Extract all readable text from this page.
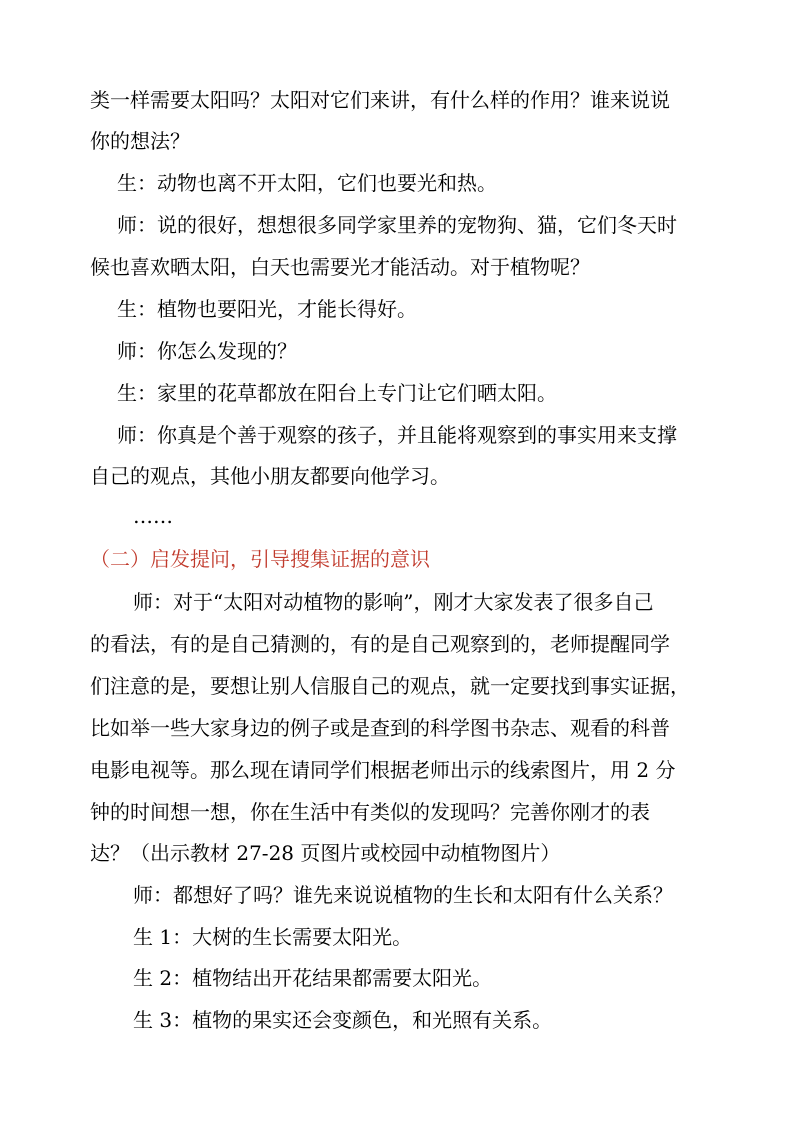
类一样需要太阳吗？太阳对它们来讲，有什么样的作用？谁来说说
你的想法？
生：动物也离不开太阳，它们也要光和热。
师：说的很好，想想很多同学家里养的宠物狗、猫，它们冬天时
候也喜欢晒太阳，白天也需要光才能活动。对于植物呢？
生：植物也要阳光，才能长得好。
师：你怎么发现的？
生：家里的花草都放在阳台上专门让它们晒太阳。
师：你真是个善于观察的孩子，并且能将观察到的事实用来支撑
自己的观点，其他小朋友都要向他学习。
……
（二）启发提问，引导搜集证据的意识
师：对于“太阳对动植物的影响”，刚才大家发表了很多自己
的看法，有的是自己猜测的，有的是自己观察到的，老师提醒同学
们注意的是，要想让别人信服自己的观点，就一定要找到事实证据，
比如举一些大家身边的例子或是查到的科学图书杂志、观看的科普
电影电视等。那么现在请同学们根据老师出示的线索图片，用 2 分
钟的时间想一想，你在生活中有类似的发现吗？完善你刚才的表
达？（出示教材 27-28 页图片或校园中动植物图片）
师：都想好了吗？谁先来说说植物的生长和太阳有什么关系？
生 1：大树的生长需要太阳光。
生 2：植物结出开花结果都需要太阳光。
生 3：植物的果实还会变颜色，和光照有关系。
